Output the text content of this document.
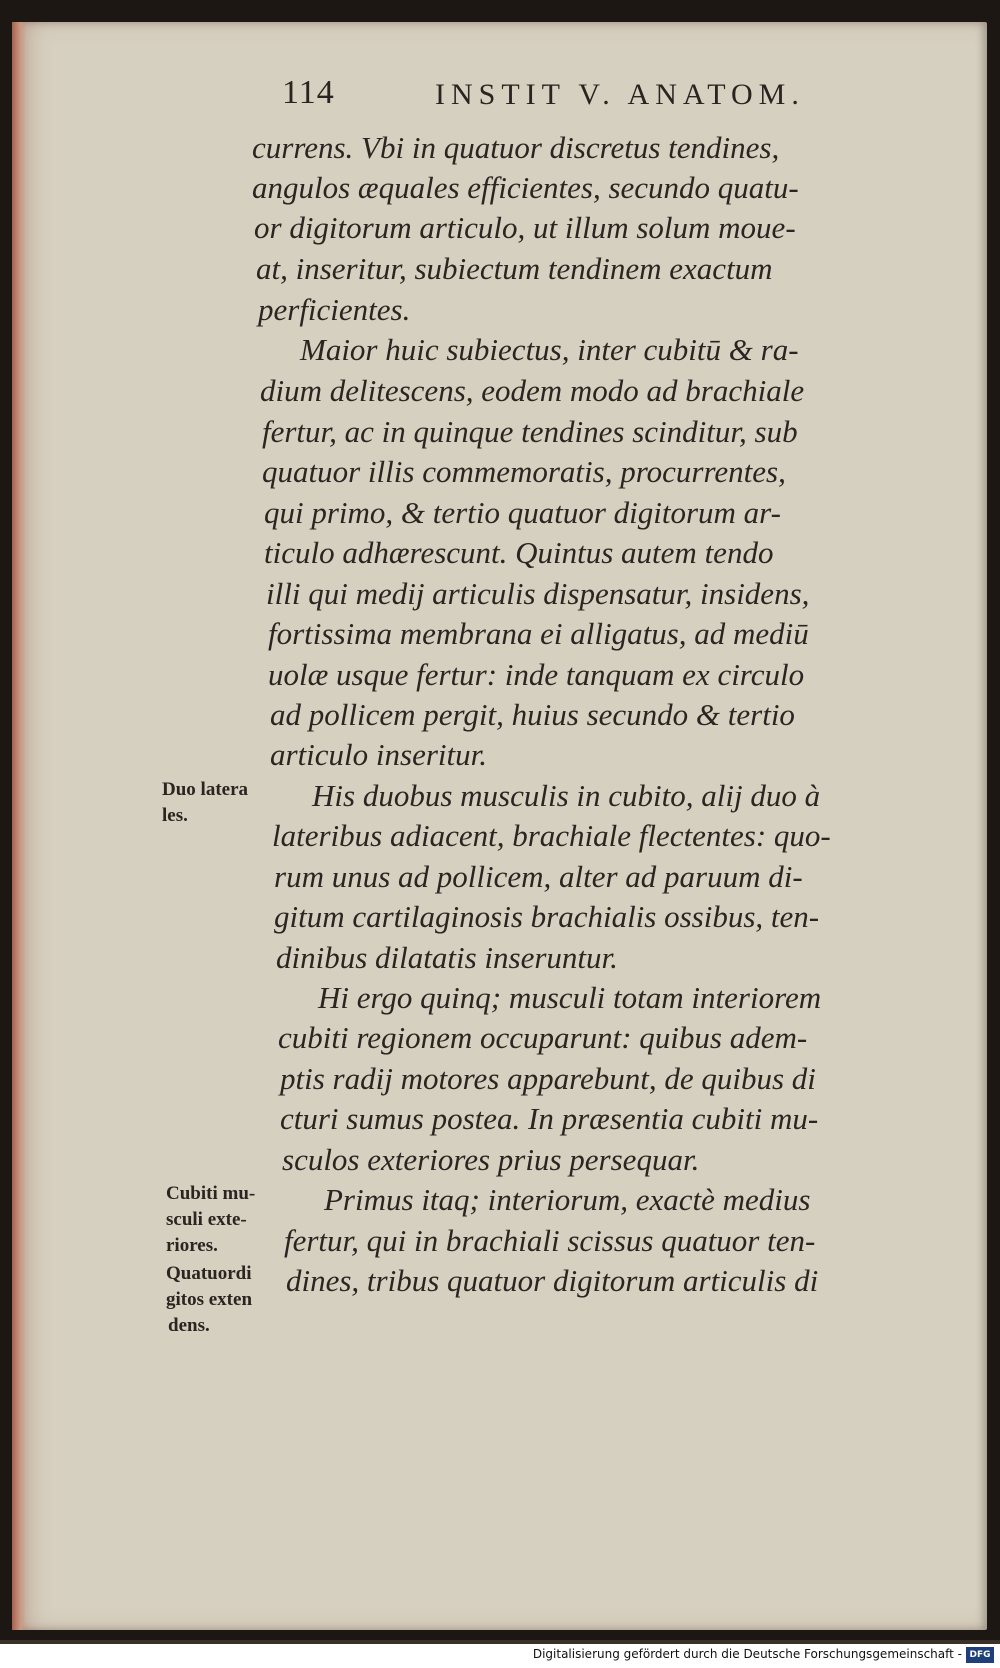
114	INSTIT V. ANATOM.
currens. Vbi in quatuor discretus tendines,
angulos æquales efficientes, secundo quatu-
or digitorum articulo, ut illum solum moue-
at, inseritur, subiectum tendinem exactum
perficientes.
Maior huic subiectus, inter cubitū & ra-
dium delitescens, eodem modo ad brachiale
fertur, ac in quinque tendines scinditur, sub
quatuor illis commemoratis, procurrentes,
qui primo, & tertio quatuor digitorum ar-
ticulo adhærescunt. Quintus autem tendo
illi qui medij articulis dispensatur, insidens,
fortissima membrana ei alligatus, ad mediū
uolæ usque fertur: inde tanquam ex circulo
ad pollicem pergit, huius secundo & tertio
articulo inseritur.
His duobus musculis in cubito, alij duo à
lateribus adiacent, brachiale flectentes: quo-
rum unus ad pollicem, alter ad paruum di-
gitum cartilaginosis brachialis ossibus, ten-
dinibus dilatatis inseruntur.
Hi ergo quinq; musculi totam interiorem
cubiti regionem occuparunt: quibus adem-
ptis radij motores apparebunt, de quibus di
cturi sumus postea. In præsentia cubiti mu-
sculos exteriores prius persequar.
Primus itaq; interiorum, exactè medius
fertur, qui in brachiali scissus quatuor ten-
dines, tribus quatuor digitorum articulis di
Duo latera
les.
Cubiti mu-
sculi exte-
riores.
Quatuordi
gitos exten
dens.
Digitalisierung gefördert durch die Deutsche Forschungsgemeinschaft - DFG
